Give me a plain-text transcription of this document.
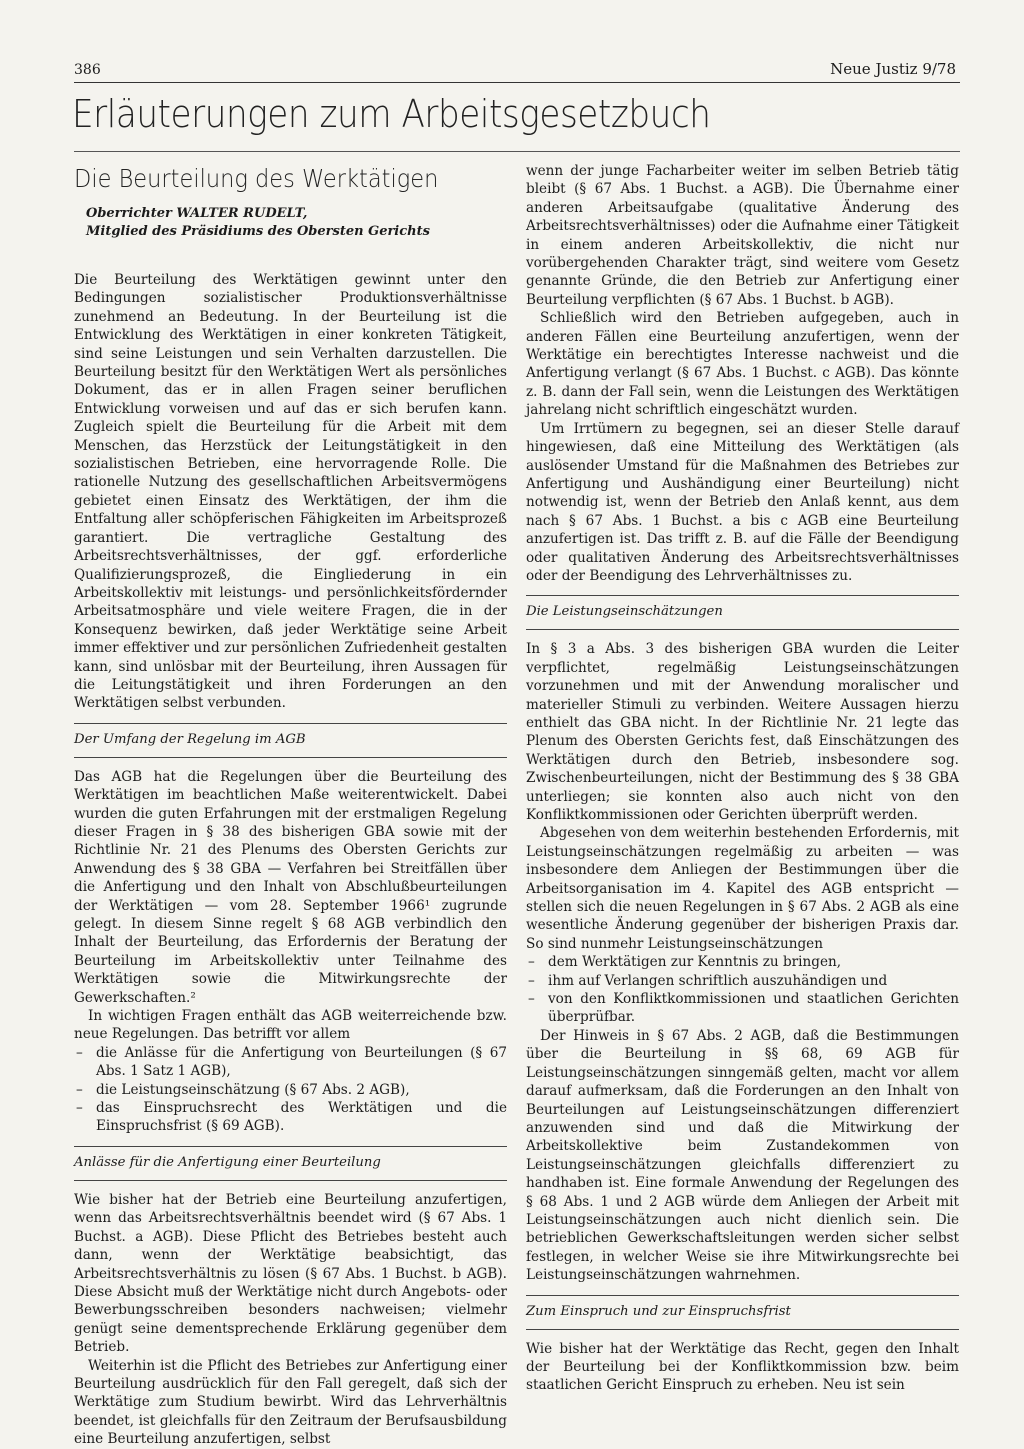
386	Neue Justiz 9/78
Erläuterungen zum Arbeitsgesetzbuch
Die Beurteilung des Werktätigen
Oberrichter WALTER RUDELT,
Mitglied des Präsidiums des Obersten Gerichts

Die Beurteilung des Werktätigen gewinnt unter den Bedingungen sozialistischer Produktionsverhältnisse zunehmend an Bedeutung. In der Beurteilung ist die Entwicklung des Werktätigen in einer konkreten Tätigkeit, sind seine Leistungen und sein Verhalten darzustellen. Die Beurteilung besitzt für den Werktätigen Wert als persönliches Dokument, das er in allen Fragen seiner beruflichen Entwicklung vorweisen und auf das er sich berufen kann. Zugleich spielt die Beurteilung für die Arbeit mit dem Menschen, das Herzstück der Leitungstätigkeit in den sozialistischen Betrieben, eine hervorragende Rolle. Die rationelle Nutzung des gesellschaftlichen Arbeitsvermögens gebietet einen Einsatz des Werktätigen, der ihm die Entfaltung aller schöpferischen Fähigkeiten im Arbeitsprozeß garantiert. Die vertragliche Gestaltung des Arbeitsrechtsverhältnisses, der ggf. erforderliche Qualifizierungsprozeß, die Eingliederung in ein Arbeitskollektiv mit leistungs- und persönlichkeitsfördernder Arbeitsatmosphäre und viele weitere Fragen, die in der Konsequenz bewirken, daß jeder Werktätige seine Arbeit immer effektiver und zur persönlichen Zufriedenheit gestalten kann, sind unlösbar mit der Beurteilung, ihren Aussagen für die Leitungstätigkeit und ihren Forderungen an den Werktätigen selbst verbunden.

Der Umfang der Regelung im AGB

Das AGB hat die Regelungen über die Beurteilung des Werktätigen im beachtlichen Maße weiterentwickelt. Dabei wurden die guten Erfahrungen mit der erstmaligen Regelung dieser Fragen in § 38 des bisherigen GBA sowie mit der Richtlinie Nr. 21 des Plenums des Obersten Gerichts zur Anwendung des § 38 GBA — Verfahren bei Streitfällen über die Anfertigung und den Inhalt von Abschlußbeurteilungen der Werktätigen — vom 28. September 1966¹ zugrunde gelegt. In diesem Sinne regelt § 68 AGB verbindlich den Inhalt der Beurteilung, das Erfordernis der Beratung der Beurteilung im Arbeitskollektiv unter Teilnahme des Werktätigen sowie die Mitwirkungsrechte der Gewerkschaften.²

In wichtigen Fragen enthält das AGB weiterreichende bzw. neue Regelungen. Das betrifft vor allem

– die Anlässe für die Anfertigung von Beurteilungen (§ 67 Abs. 1 Satz 1 AGB),
– die Leistungseinschätzung (§ 67 Abs. 2 AGB),
– das Einspruchsrecht des Werktätigen und die Einspruchsfrist (§ 69 AGB).
Anlässe für die Anfertigung einer Beurteilung

Wie bisher hat der Betrieb eine Beurteilung anzufertigen, wenn das Arbeitsrechtsverhältnis beendet wird (§ 67 Abs. 1 Buchst. a AGB). Diese Pflicht des Betriebes besteht auch dann, wenn der Werktätige beabsichtigt, das Arbeitsrechtsverhältnis zu lösen (§ 67 Abs. 1 Buchst. b AGB). Diese Absicht muß der Werktätige nicht durch Angebots- oder Bewerbungsschreiben besonders nachweisen; vielmehr genügt seine dementsprechende Erklärung gegenüber dem Betrieb.

Weiterhin ist die Pflicht des Betriebes zur Anfertigung einer Beurteilung ausdrücklich für den Fall geregelt, daß sich der Werktätige zum Studium bewirbt. Wird das Lehrverhältnis beendet, ist gleichfalls für den Zeitraum der Berufsausbildung eine Beurteilung anzufertigen, selbst

wenn der junge Facharbeiter weiter im selben Betrieb tätig bleibt (§ 67 Abs. 1 Buchst. a AGB). Die Übernahme einer anderen Arbeitsaufgabe (qualitative Änderung des Arbeitsrechtsverhältnisses) oder die Aufnahme einer Tätigkeit in einem anderen Arbeitskollektiv, die nicht nur vorübergehenden Charakter trägt, sind weitere vom Gesetz genannte Gründe, die den Betrieb zur Anfertigung einer Beurteilung verpflichten (§ 67 Abs. 1 Buchst. b AGB).

Schließlich wird den Betrieben aufgegeben, auch in anderen Fällen eine Beurteilung anzufertigen, wenn der Werktätige ein berechtigtes Interesse nachweist und die Anfertigung verlangt (§ 67 Abs. 1 Buchst. c AGB). Das könnte z. B. dann der Fall sein, wenn die Leistungen des Werktätigen jahrelang nicht schriftlich eingeschätzt wurden.

Um Irrtümern zu begegnen, sei an dieser Stelle darauf hingewiesen, daß eine Mitteilung des Werktätigen (als auslösender Umstand für die Maßnahmen des Betriebes zur Anfertigung und Aushändigung einer Beurteilung) nicht notwendig ist, wenn der Betrieb den Anlaß kennt, aus dem nach § 67 Abs. 1 Buchst. a bis c AGB eine Beurteilung anzufertigen ist. Das trifft z. B. auf die Fälle der Beendigung oder qualitativen Änderung des Arbeitsrechtsverhältnisses oder der Beendigung des Lehrverhältnisses zu.

Die Leistungseinschätzungen

In § 3 a Abs. 3 des bisherigen GBA wurden die Leiter verpflichtet, regelmäßig Leistungseinschätzungen vorzunehmen und mit der Anwendung moralischer und materieller Stimuli zu verbinden. Weitere Aussagen hierzu enthielt das GBA nicht. In der Richtlinie Nr. 21 legte das Plenum des Obersten Gerichts fest, daß Einschätzungen des Werktätigen durch den Betrieb, insbesondere sog. Zwischenbeurteilungen, nicht der Bestimmung des § 38 GBA unterliegen; sie konnten also auch nicht von den Konfliktkommissionen oder Gerichten überprüft werden.

Abgesehen von dem weiterhin bestehenden Erfordernis, mit Leistungseinschätzungen regelmäßig zu arbeiten — was insbesondere dem Anliegen der Bestimmungen über die Arbeitsorganisation im 4. Kapitel des AGB entspricht — stellen sich die neuen Regelungen in § 67 Abs. 2 AGB als eine wesentliche Änderung gegenüber der bisherigen Praxis dar. So sind nunmehr Leistungseinschätzungen

– dem Werktätigen zur Kenntnis zu bringen,
– ihm auf Verlangen schriftlich auszuhändigen und
– von den Konfliktkommissionen und staatlichen Gerichten überprüfbar.

Der Hinweis in § 67 Abs. 2 AGB, daß die Bestimmungen über die Beurteilung in §§ 68, 69 AGB für Leistungseinschätzungen sinngemäß gelten, macht vor allem darauf aufmerksam, daß die Forderungen an den Inhalt von Beurteilungen auf Leistungseinschätzungen differenziert anzuwenden sind und daß die Mitwirkung der Arbeitskollektive beim Zustandekommen von Leistungseinschätzungen gleichfalls differenziert zu handhaben ist. Eine formale Anwendung der Regelungen des § 68 Abs. 1 und 2 AGB würde dem Anliegen der Arbeit mit Leistungseinschätzungen auch nicht dienlich sein. Die betrieblichen Gewerkschaftsleitungen werden sicher selbst festlegen, in welcher Weise sie ihre Mitwirkungsrechte bei Leistungseinschätzungen wahrnehmen.

Zum Einspruch und zur Einspruchsfrist

Wie bisher hat der Werktätige das Recht, gegen den Inhalt der Beurteilung bei der Konfliktkommission bzw. beim staatlichen Gericht Einspruch zu erheben. Neu ist sein
